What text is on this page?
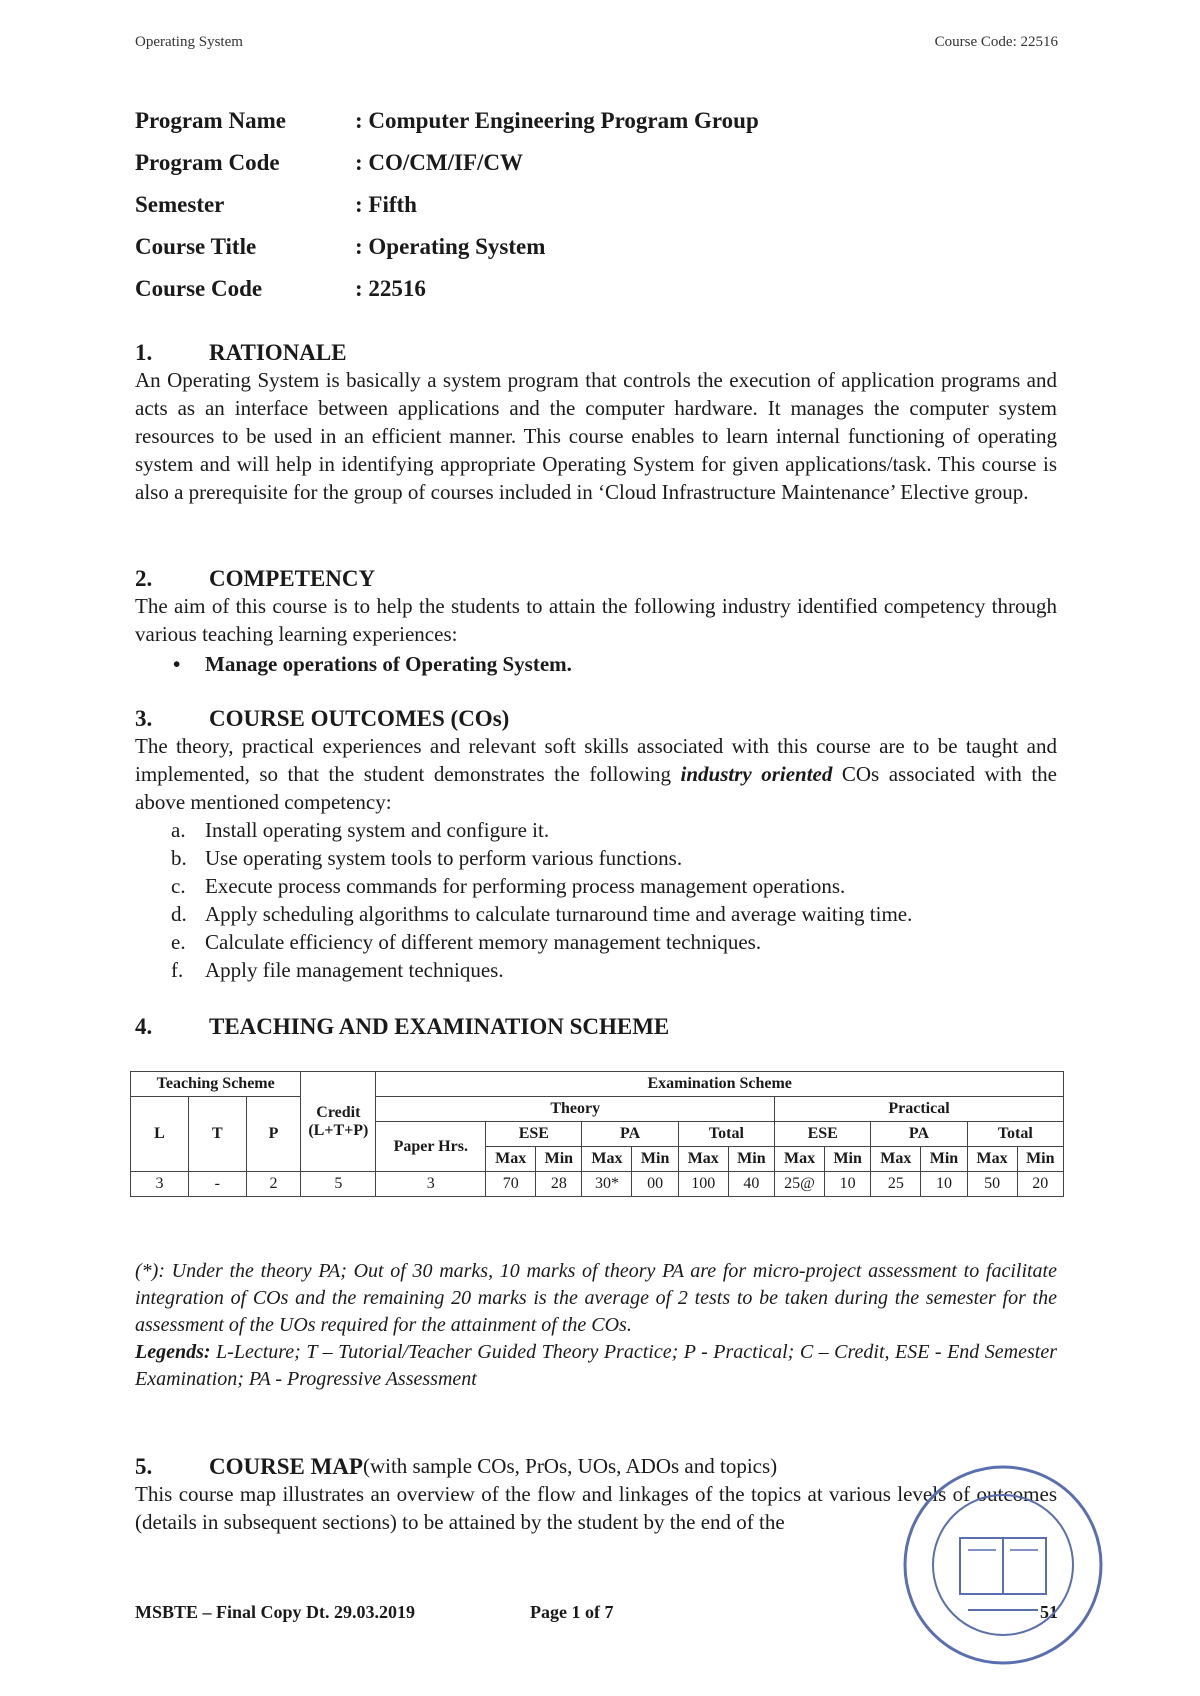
Operating System	Course Code: 22516
Program Name	: Computer Engineering Program Group
Program Code	: CO/CM/IF/CW
Semester	: Fifth
Course Title	: Operating System
Course Code	: 22516
1.	RATIONALE

An Operating System is basically a system program that controls the execution of application programs and acts as an interface between applications and the computer hardware. It manages the computer system resources to be used in an efficient manner. This course enables to learn internal functioning of operating system and will help in identifying appropriate Operating System for given applications/task. This course is also a prerequisite for the group of courses included in ‘Cloud Infrastructure Maintenance’ Elective group.

2.	COMPETENCY

The aim of this course is to help the students to attain the following industry identified competency through various teaching learning experiences:

•	Manage operations of Operating System.
3.	COURSE OUTCOMES (COs)

The theory, practical experiences and relevant soft skills associated with this course are to be taught and implemented, so that the student demonstrates the following industry oriented COs associated with the above mentioned competency:

a. Install operating system and configure it.
b. Use operating system tools to perform various functions.
c. Execute process commands for performing process management operations.
d. Apply scheduling algorithms to calculate turnaround time and average waiting time.
e. Calculate efficiency of different memory management techniques.
f.	Apply file management techniques.
4.	TEACHING AND EXAMINATION SCHEME
Teaching Scheme			Credit (L+T+P)	Examination Scheme												
L	T	P		Theory							Practical					
				Paper Hrs.	ESE		PA		Total		ESE		PA		Total	
					Max	Min	Max	Min	Max	Min	Max	Min	Max	Min	Max	Min
3	-	2	5	3	70	28	30*	00	100	40	25@	10	25	10	50	20

(*): Under the theory PA; Out of 30 marks, 10 marks of theory PA are for micro-project assessment to facilitate integration of COs and the remaining 20 marks is the average of 2 tests to be taken during the semester for the assessment of the UOs required for the attainment of the COs.

Legends: L-Lecture; T – Tutorial/Teacher Guided Theory Practice; P - Practical; C – Credit, ESE - End Semester Examination; PA - Progressive Assessment

5.	COURSE MAP (with sample COs, PrOs, UOs, ADOs and topics)

This course map illustrates an overview of the flow and linkages of the topics at various levels of outcomes (details in subsequent sections) to be attained by the student by the end of the

MSBTE – Final Copy Dt. 29.03.2019	Page 1 of 7	51
